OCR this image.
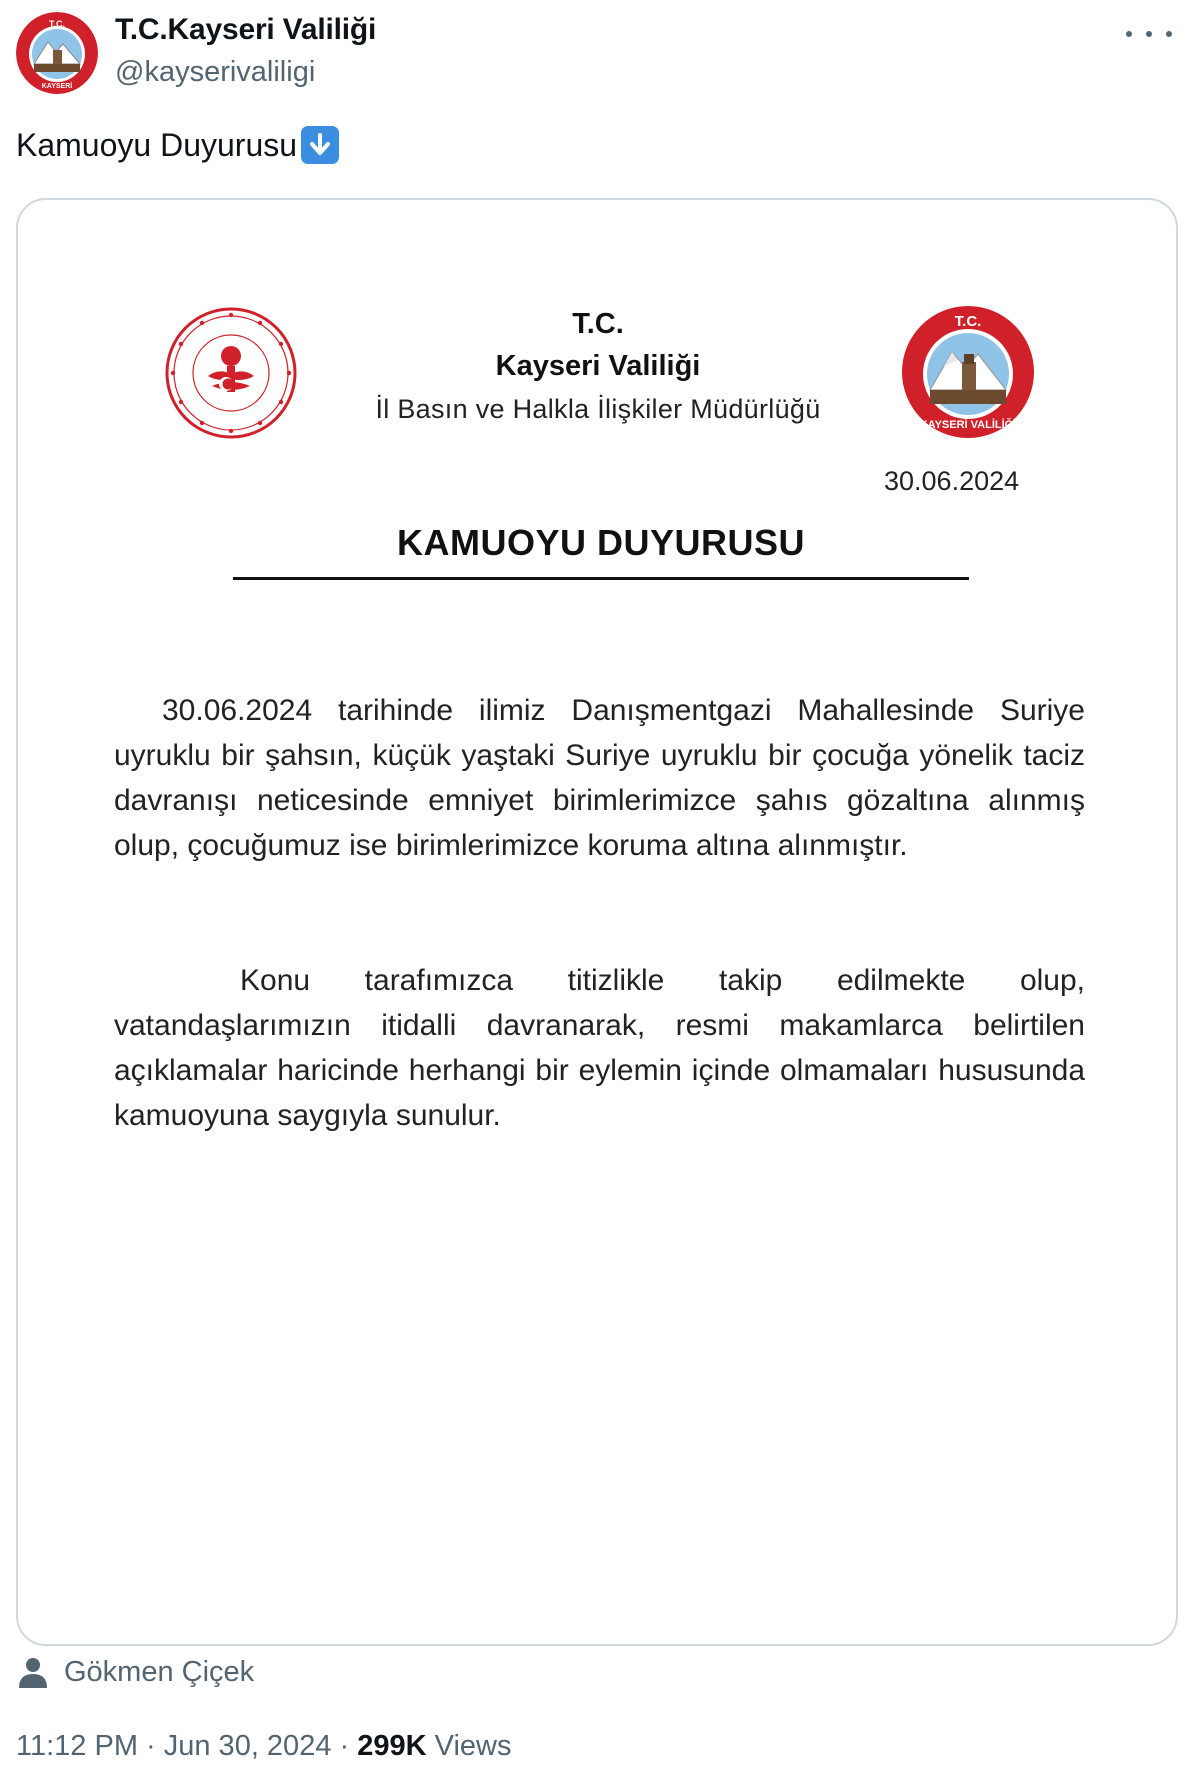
T.C.
KAYSERİ
T.C.Kayseri Valiliği
@kayserivaliligi
Kamuoyu Duyurusu
T.C.
Kayseri Valiliği
İl Basın ve Halkla İlişkiler Müdürlüğü
T.C.
KAYSERİ VALİLİĞİ
30.06.2024
KAMUOYU DUYURUSU

30.06.2024 tarihinde ilimiz Danışmentgazi Mahallesinde Suriye uyruklu bir şahsın, küçük yaştaki Suriye uyruklu bir çocuğa yönelik taciz davranışı neticesinde emniyet birimlerimizce şahıs gözaltına alınmış olup, çocuğumuz ise birimlerimizce koruma altına alınmıştır.

Konu tarafımızca titizlikle takip edilmekte olup, vatandaşlarımızın itidalli davranarak, resmi makamlarca belirtilen açıklamalar haricinde herhangi bir eylemin içinde olmamaları hususunda kamuoyuna saygıyla sunulur.

Gökmen Çiçek
11:12 PM · Jun 30, 2024 · 299K Views
